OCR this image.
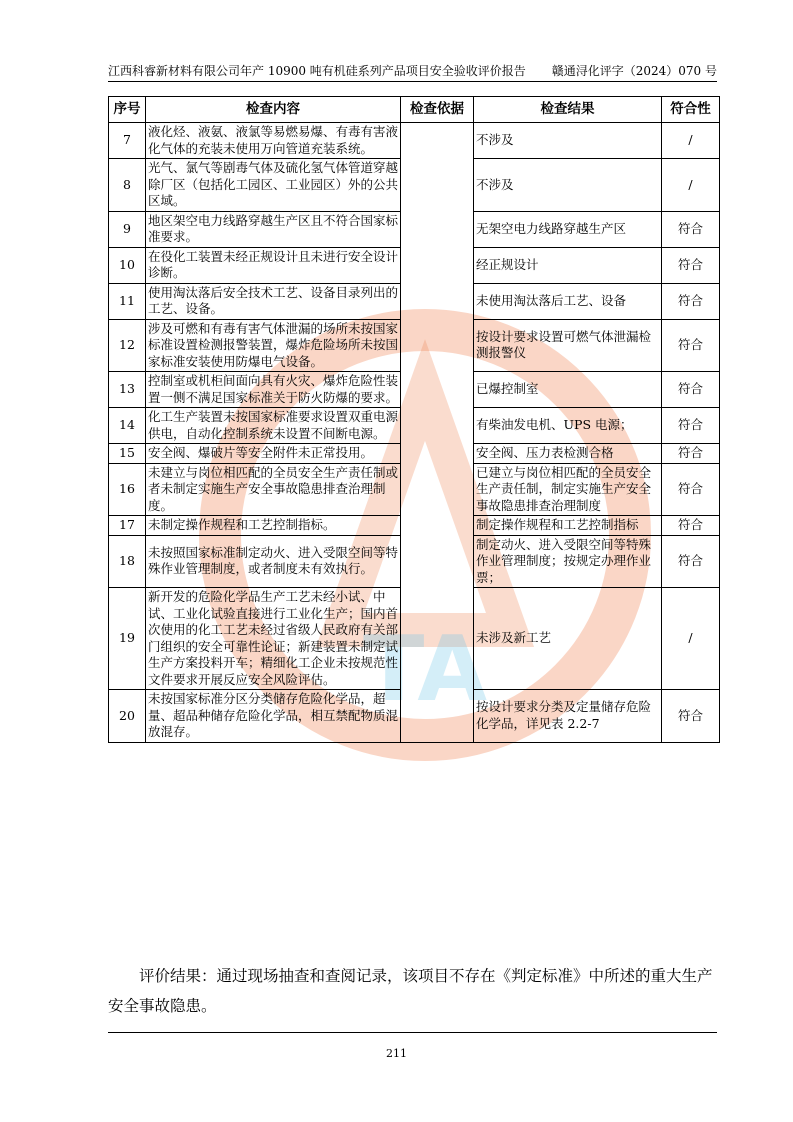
江西科睿新材料有限公司年产 10900 吨有机硅系列产品项目安全验收评价报告 赣通浔化评字（2024）070 号
TA
序号	检查内容	检查依据	检查结果	符合性
7	液化烃、液氨、液氯等易燃易爆、有毒有害液化气体的充装未使用万向管道充装系统。		不涉及	/
8	光气、氯气等剧毒气体及硫化氢气体管道穿越除厂区（包括化工园区、工业园区）外的公共区域。		不涉及	/
9	地区架空电力线路穿越生产区且不符合国家标准要求。		无架空电力线路穿越生产区	符合
10	在役化工装置未经正规设计且未进行安全设计诊断。		经正规设计	符合
11	使用淘汰落后安全技术工艺、设备目录列出的工艺、设备。		未使用淘汰落后工艺、设备	符合
12	涉及可燃和有毒有害气体泄漏的场所未按国家标准设置检测报警装置，爆炸危险场所未按国家标准安装使用防爆电气设备。		按设计要求设置可燃气体泄漏检测报警仪	符合
13	控制室或机柜间面向具有火灾、爆炸危险性装置一侧不满足国家标准关于防火防爆的要求。		已爆控制室	符合
14	化工生产装置未按国家标准要求设置双重电源供电，自动化控制系统未设置不间断电源。		有柴油发电机、UPS 电源；	符合
15	安全阀、爆破片等安全附件未正常投用。		安全阀、压力表检测合格	符合
16	未建立与岗位相匹配的全员安全生产责任制或者未制定实施生产安全事故隐患排查治理制度。		已建立与岗位相匹配的全员安全生产责任制，制定实施生产安全事故隐患排查治理制度	符合
17	未制定操作规程和工艺控制指标。		制定操作规程和工艺控制指标	符合
18	未按照国家标准制定动火、进入受限空间等特殊作业管理制度，或者制度未有效执行。		制定动火、进入受限空间等特殊作业管理制度；按规定办理作业票；	符合
19	新开发的危险化学品生产工艺未经小试、中试、工业化试验直接进行工业化生产；国内首次使用的化工工艺未经过省级人民政府有关部门组织的安全可靠性论证；新建装置未制定试生产方案投料开车；精细化工企业未按规范性文件要求开展反应安全风险评估。		未涉及新工艺	/
20	未按国家标准分区分类储存危险化学品，超量、超品种储存危险化学品，相互禁配物质混放混存。		按设计要求分类及定量储存危险化学品，详见表 2.2-7	符合
评价结果：通过现场抽查和查阅记录，该项目不存在《判定标准》中所述的重大生产安全事故隐患。
211
